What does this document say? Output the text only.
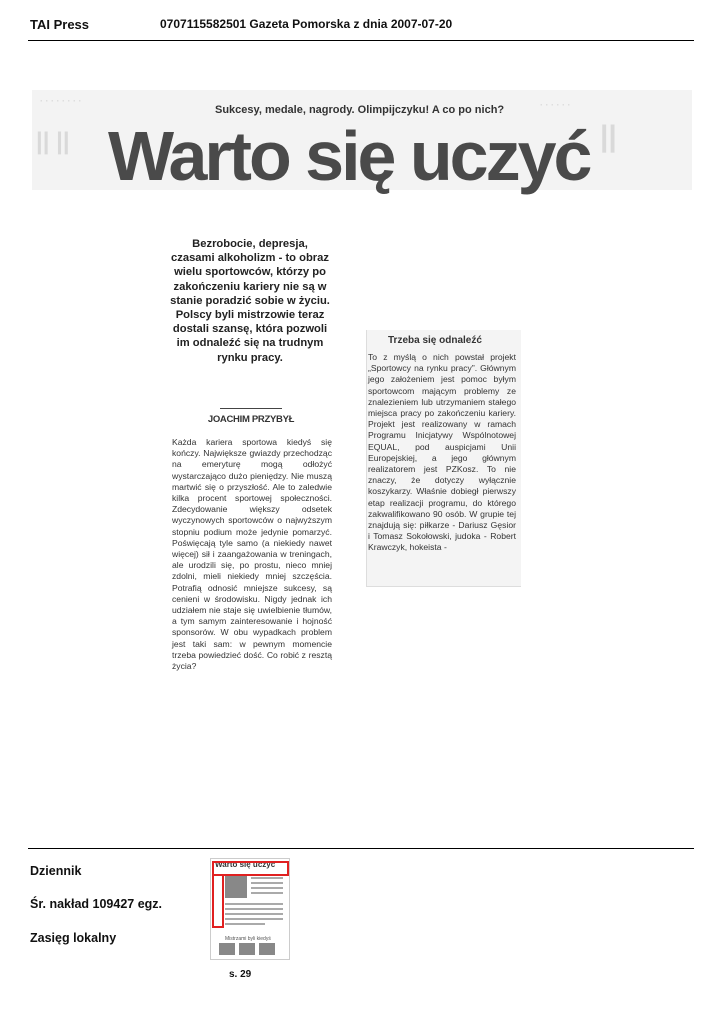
TAI Press	0707115582501 Gazeta Pomorska z dnia 2007-07-20
· · · · · · · ·
|| ||
· · · · · ·
||
Sukcesy, medale, nagrody. Olimpijczyku! A co po nich?
Warto się uczyć
Bezrobocie, depresja, czasami alkoholizm - to obraz wielu sportowców, którzy po zakończeniu kariery nie są w stanie poradzić sobie w życiu. Polscy byli mistrzowie teraz dostali szansę, która pozwoli im odnaleźć się na trudnym rynku pracy.
JOACHIM PRZYBYŁ
Każda kariera sportowa kiedyś się kończy. Największe gwiazdy przechodząc na emeryturę mogą odłożyć wystarczająco dużo pieniędzy. Nie muszą martwić się o przyszłość. Ale to zaledwie kilka procent sportowej społeczności. Zdecydowanie większy odsetek wyczynowych sportowców o najwyższym stopniu podium może jedynie pomarzyć. Poświęcają tyle samo (a niekiedy nawet więcej) sił i zaangażowania w treningach, ale urodzili się, po prostu, nieco mniej zdolni, mieli niekiedy mniej szczęścia. Potrafią odnosić mniejsze sukcesy, są cenieni w środowisku. Nigdy jednak ich udziałem nie staje się uwielbienie tłumów, a tym samym zainteresowanie i hojność sponsorów. W obu wypadkach problem jest taki sam: w pewnym momencie trzeba powiedzieć dość. Co robić z resztą życia?
Trzeba się odnaleźć
To z myślą o nich powstał projekt „Sportowcy na rynku pracy”. Głównym jego założeniem jest pomoc byłym sportowcom mającym problemy ze znalezieniem lub utrzymaniem stałego miejsca pracy po zakończeniu kariery. Projekt jest realizowany w ramach Programu Inicjatywy Wspólnotowej EQUAL, pod auspicjami Unii Europejskiej, a jego głównym realizatorem jest PZKosz. To nie znaczy, że dotyczy wyłącznie koszykarzy. Właśnie dobiegł pierwszy etap realizacji programu, do którego zakwalifikowano 90 osób. W grupie tej znajdują się: piłkarze - Dariusz Gęsior i Tomasz Sokołowski, judoka - Robert Krawczyk, hokeista -
Dziennik
Śr. nakład 109427 egz.
Zasięg lokalny
Warto się uczyć
Mistrzami byli kiedyś
s. 29
